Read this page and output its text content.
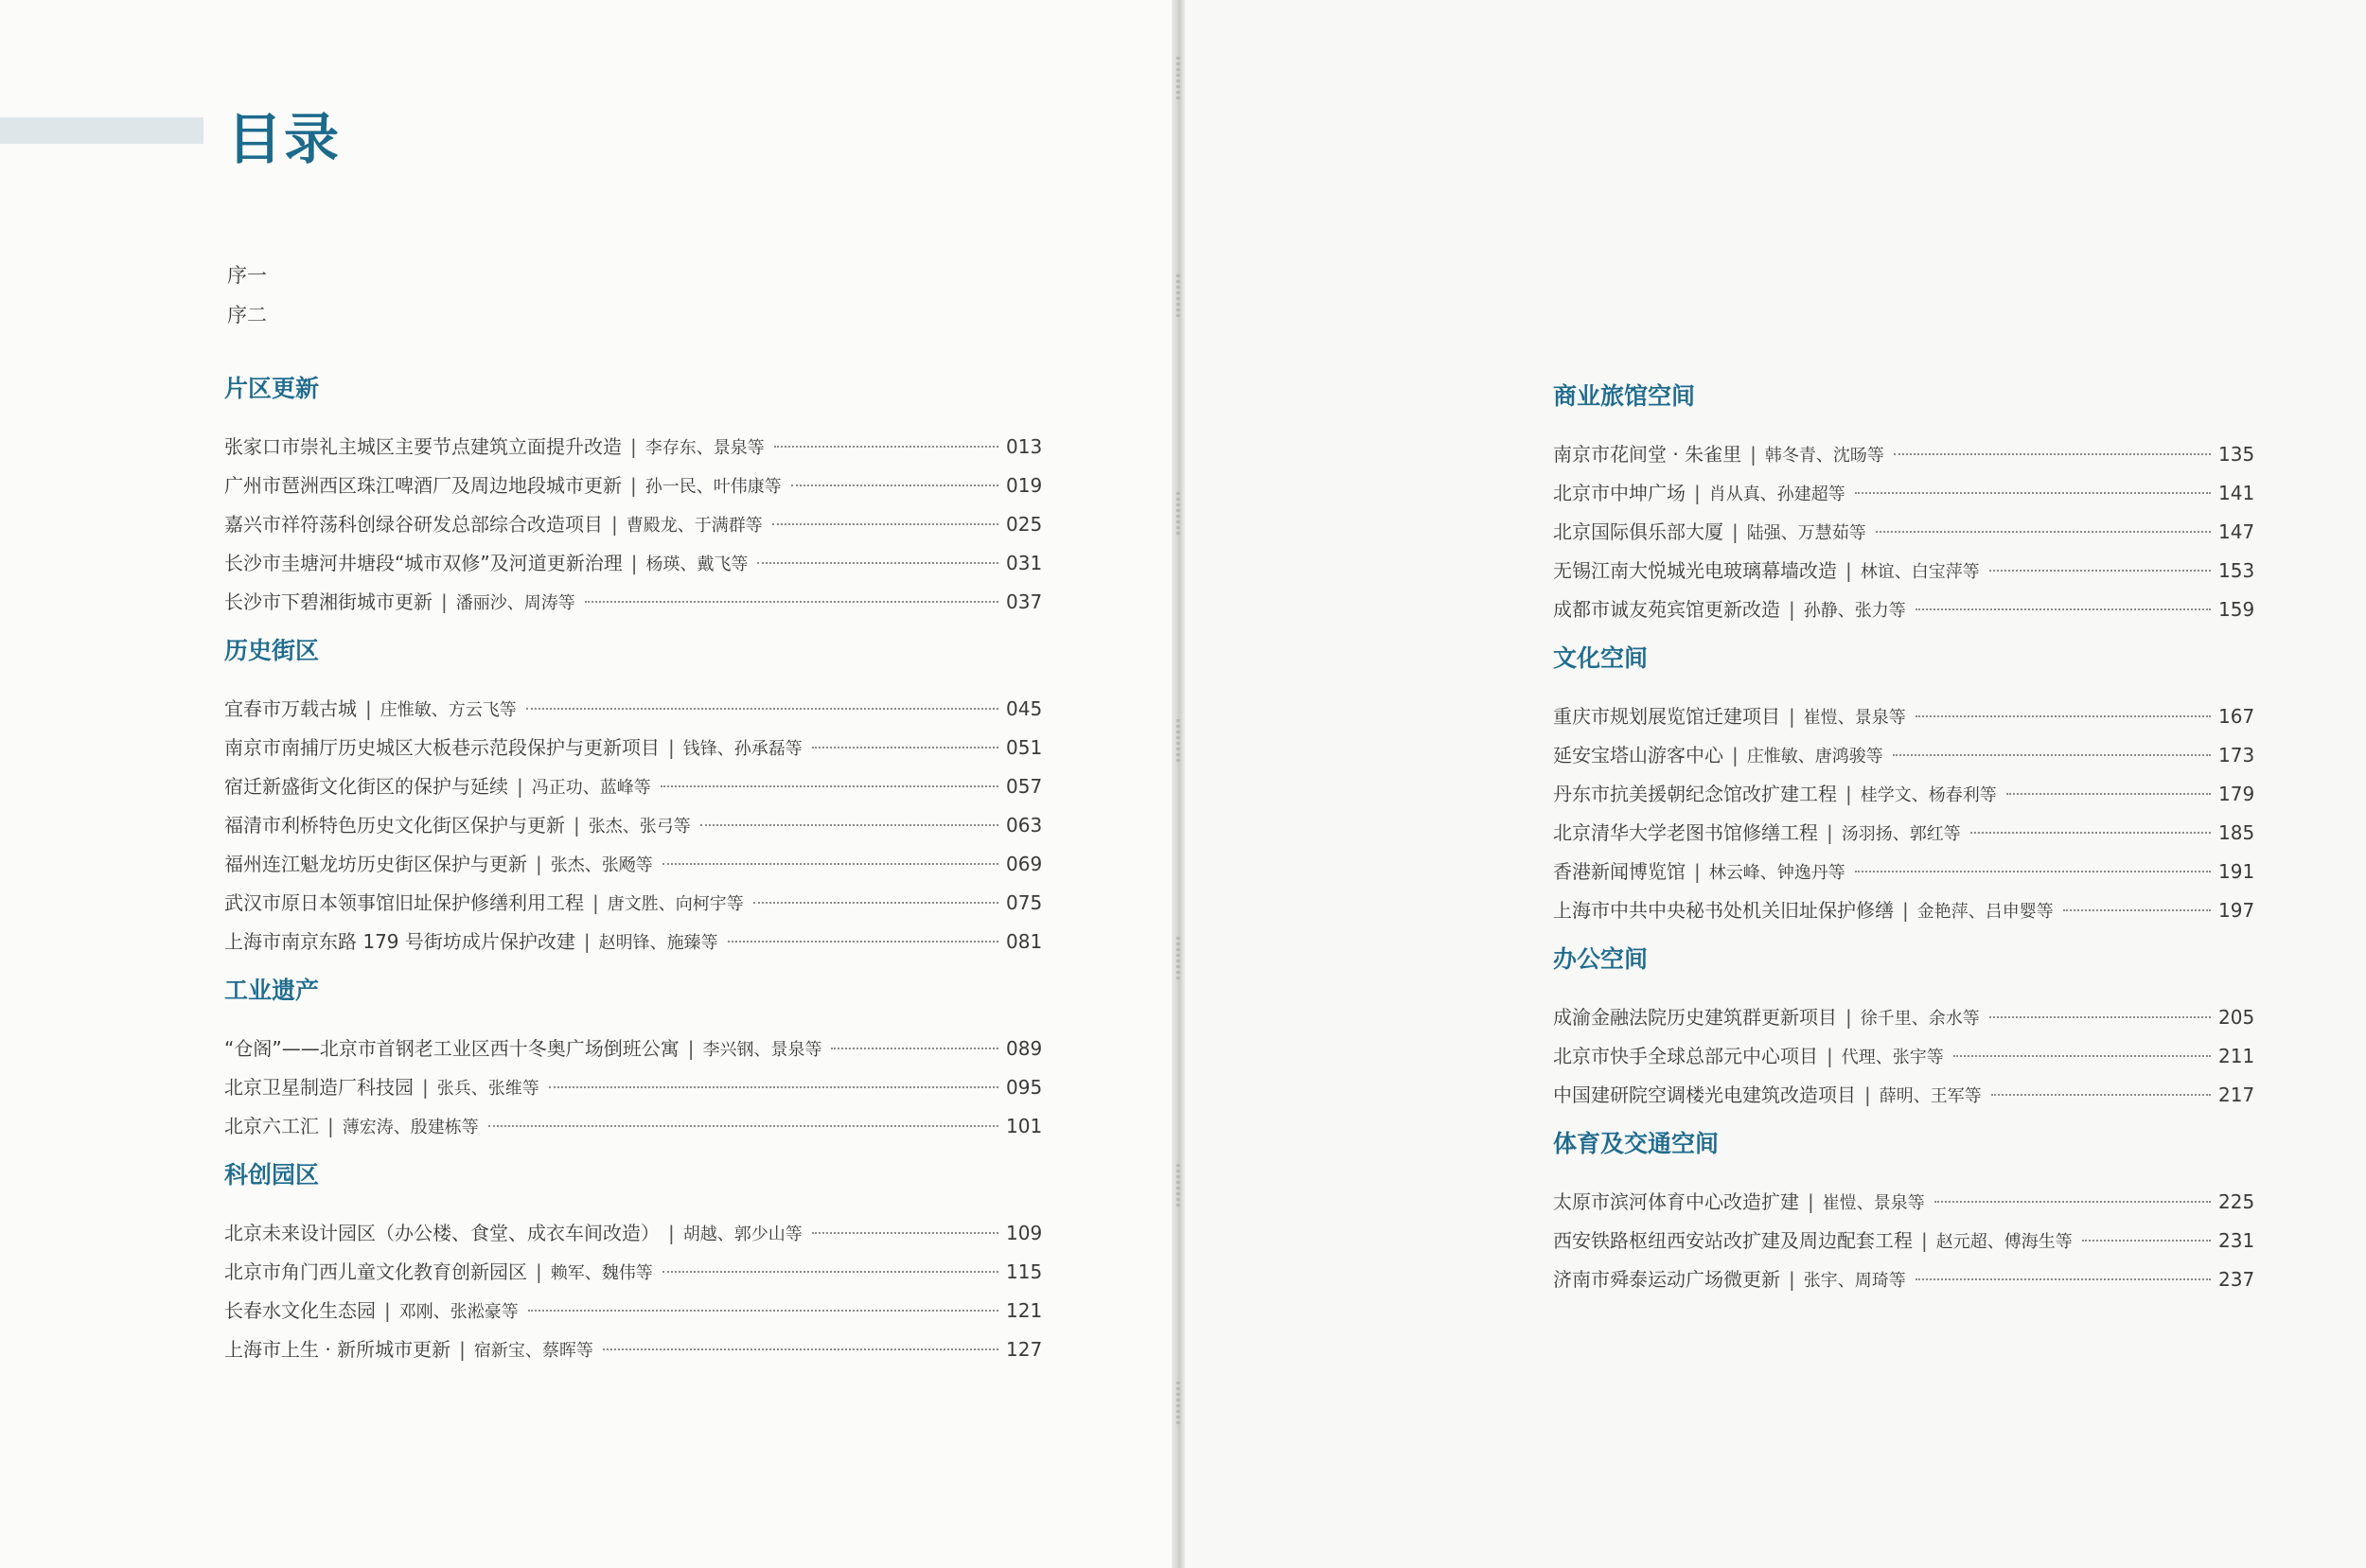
目录
序一
序二
片区更新
张家口市崇礼主城区主要节点建筑立面提升改造 | 李存东、景泉等	013
广州市琶洲西区珠江啤酒厂及周边地段城市更新 | 孙一民、叶伟康等	019
嘉兴市祥符荡科创绿谷研发总部综合改造项目 | 曹殿龙、于满群等	025
长沙市圭塘河井塘段“城市双修”及河道更新治理 | 杨瑛、戴飞等	031
长沙市下碧湘街城市更新 | 潘丽沙、周涛等	037
历史街区
宜春市万载古城 | 庄惟敏、方云飞等	045
南京市南捕厅历史城区大板巷示范段保护与更新项目 | 钱锋、孙承磊等	051
宿迁新盛街文化街区的保护与延续 | 冯正功、蓝峰等	057
福清市利桥特色历史文化街区保护与更新 | 张杰、张弓等	063
福州连江魁龙坊历史街区保护与更新 | 张杰、张飏等	069
武汉市原日本领事馆旧址保护修缮利用工程 | 唐文胜、向柯宇等	075
上海市南京东路 179 号街坊成片保护改建 | 赵明锋、施臻等	081
工业遗产
“仓阁”——北京市首钢老工业区西十冬奥广场倒班公寓 | 李兴钢、景泉等	089
北京卫星制造厂科技园 | 张兵、张维等	095
北京六工汇 | 薄宏涛、殷建栋等	101
科创园区
北京未来设计园区（办公楼、食堂、成衣车间改造） | 胡越、郭少山等	109
北京市角门西儿童文化教育创新园区 | 赖军、魏伟等	115
长春水文化生态园 | 邓刚、张淞豪等	121
上海市上生 · 新所城市更新 | 宿新宝、蔡晖等	127
商业旅馆空间
南京市花间堂 · 朱雀里 | 韩冬青、沈旸等	135
北京市中坤广场 | 肖从真、孙建超等	141
北京国际俱乐部大厦 | 陆强、万慧茹等	147
无锡江南大悦城光电玻璃幕墙改造 | 林谊、白宝萍等	153
成都市诚友苑宾馆更新改造 | 孙静、张力等	159
文化空间
重庆市规划展览馆迁建项目 | 崔愷、景泉等	167
延安宝塔山游客中心 | 庄惟敏、唐鸿骏等	173
丹东市抗美援朝纪念馆改扩建工程 | 桂学文、杨春利等	179
北京清华大学老图书馆修缮工程 | 汤羽扬、郭红等	185
香港新闻博览馆 | 林云峰、钟逸丹等	191
上海市中共中央秘书处机关旧址保护修缮 | 金艳萍、吕申婴等	197
办公空间
成渝金融法院历史建筑群更新项目 | 徐千里、余水等	205
北京市快手全球总部元中心项目 | 代理、张宇等	211
中国建研院空调楼光电建筑改造项目 | 薛明、王军等	217
体育及交通空间
太原市滨河体育中心改造扩建 | 崔愷、景泉等	225
西安铁路枢纽西安站改扩建及周边配套工程 | 赵元超、傅海生等	231
济南市舜泰运动广场微更新 | 张宇、周琦等	237
